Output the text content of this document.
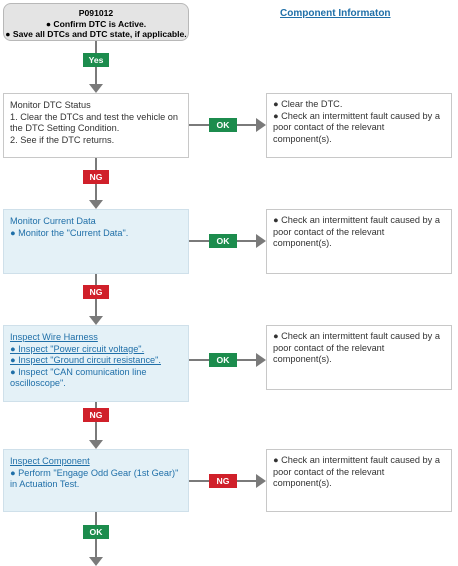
P091012
● Confirm DTC is Active.
● Save all DTCs and DTC state, if applicable.
Component Informaton
Yes
Monitor DTC Status
1. Clear the DTCs and test the vehicle on the DTC Setting Condition.
2. See if the DTC returns.
OK
● Clear the DTC.
● Check an intermittent fault caused by a poor contact of the relevant component(s).
NG
Monitor Current Data
● Monitor the "Current Data".
OK
● Check an intermittent fault caused by a poor contact of the relevant component(s).
NG
Inspect Wire Harness
● Inspect "Power circuit voltage".
● Inspect "Ground circuit resistance".
● Inspect "CAN comunication line oscilloscope".
OK
● Check an intermittent fault caused by a poor contact of the relevant component(s).
NG
Inspect Component
● Perform "Engage Odd Gear (1st Gear)" in Actuation Test.	NG
● Check an intermittent fault caused by a poor contact of the relevant component(s).
OK
